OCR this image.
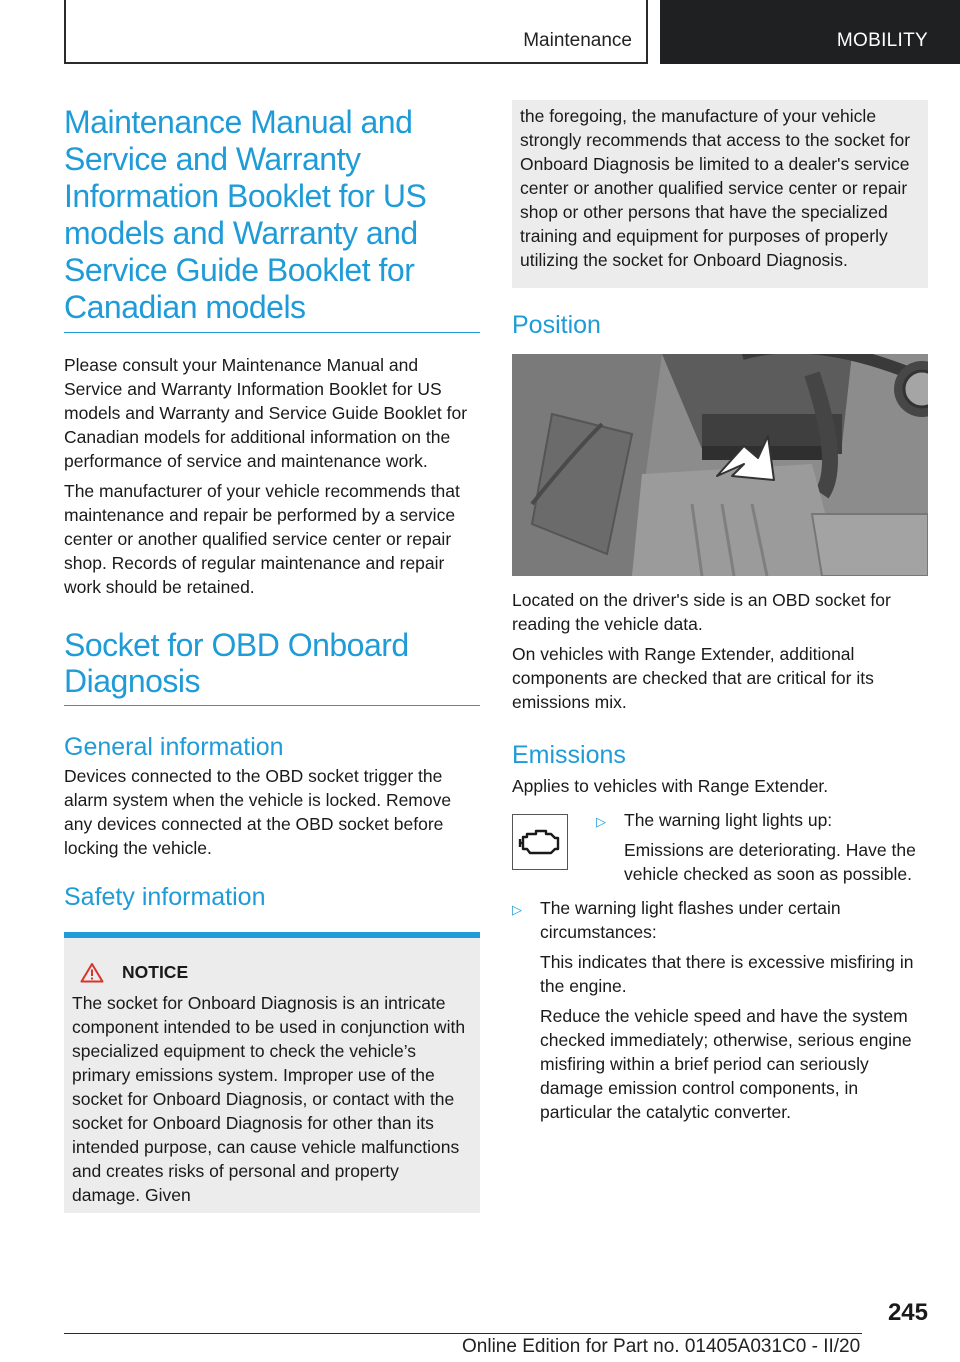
Maintenance	MOBILITY
Maintenance Manual and Service and Warranty Information Booklet for US models and Warranty and Service Guide Booklet for Canadian models

Please consult your Maintenance Manual and Service and Warranty Information Booklet for US models and Warranty and Service Guide Booklet for Canadian models for additional information on the performance of service and maintenance work.

The manufacturer of your vehicle recommends that maintenance and repair be performed by a service center or another qualified service center or repair shop. Records of regular maintenance and repair work should be retained.

Socket for OBD Onboard Diagnosis
General information

Devices connected to the OBD socket trigger the alarm system when the vehicle is locked. Remove any devices connected at the OBD socket before locking the vehicle.

Safety information
NOTICE

The socket for Onboard Diagnosis is an intricate component intended to be used in conjunction with specialized equipment to check the vehicle’s primary emissions system. Improper use of the socket for Onboard Diagnosis, or contact with the socket for Onboard Diagnosis for other than its intended purpose, can cause vehicle malfunctions and creates risks of personal and property damage. Given

the foregoing, the manufacture of your vehicle strongly recommends that access to the socket for Onboard Diagnosis be limited to a dealer's service center or another qualified service center or repair shop or other persons that have the specialized training and equipment for purposes of properly utilizing the socket for Onboard Diagnosis.

Position

Located on the driver's side is an OBD socket for reading the vehicle data.

On vehicles with Range Extender, additional components are checked that are critical for its emissions mix.

Emissions

Applies to vehicles with Range Extender.

▷	The warning light lights up:

Emissions are deteriorating. Have the vehicle checked as soon as possible.

▷	The warning light flashes under certain circumstances:

This indicates that there is excessive misfiring in the engine.

Reduce the vehicle speed and have the system checked immediately; otherwise, serious engine misfiring within a brief period can seriously damage emission control components, in particular the catalytic converter.

245
Online Edition for Part no. 01405A031C0 - II/20
